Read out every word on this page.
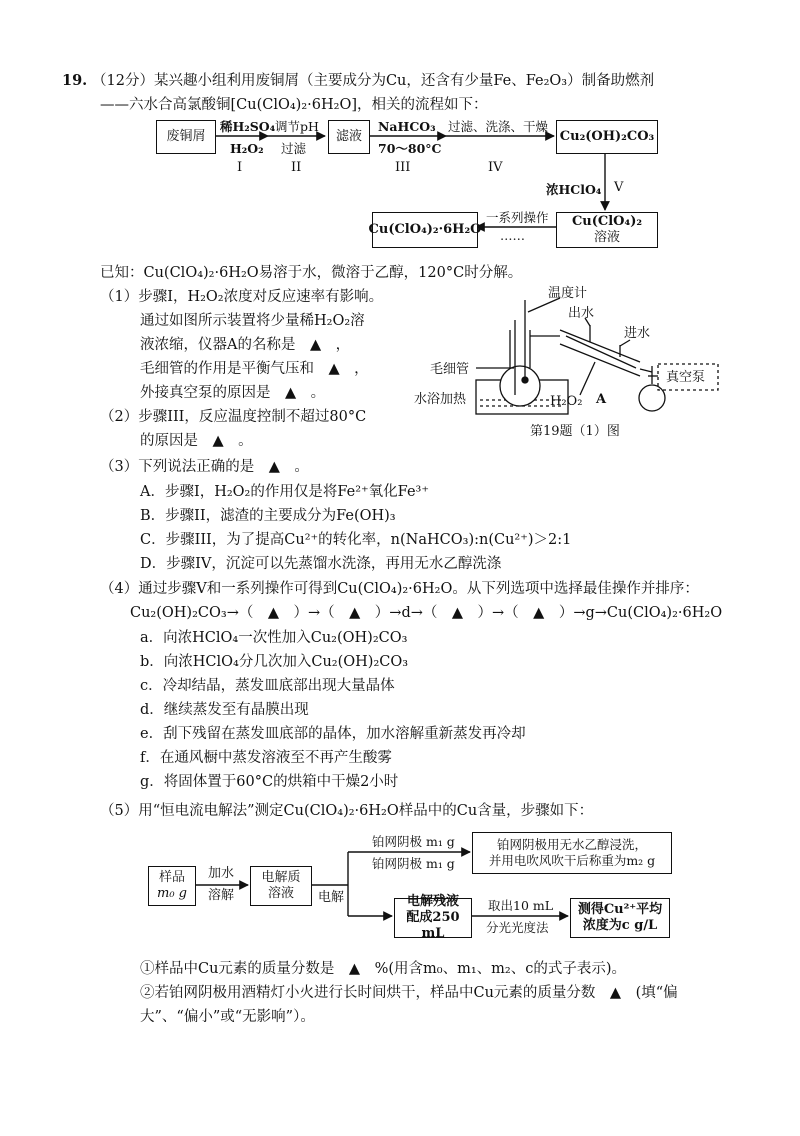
19. （12分）某兴趣小组利用废铜屑（主要成分为Cu，还含有少量Fe、Fe₂O₃）制备助燃剂
——六水合高氯酸铜[Cu(ClO₄)₂·6H₂O]，相关的流程如下：
废铜屑
稀H₂SO₄
H₂O₂
I
调节pH
过滤
II
滤液
NaHCO₃
70～80°C
III
过滤、洗涤、干燥
IV
Cu₂(OH)₂CO₃
浓HClO₄ V
Cu(ClO₄)₂
溶液
一系列操作
……
Cu(ClO₄)₂·6H₂O
已知：Cu(ClO₄)₂·6H₂O易溶于水，微溶于乙醇，120°C时分解。
（1）步骤I，H₂O₂浓度对反应速率有影响。
通过如图所示装置将少量稀H₂O₂溶
液浓缩，仪器A的名称是　▲　，
毛细管的作用是平衡气压和　▲　，
外接真空泵的原因是　▲　。
温度计
出水
进水
毛细管
真空泵
水浴加热	H₂O₂ A
第19题（1）图
（2）步骤III，反应温度控制不超过80°C
的原因是　▲　。
（3）下列说法正确的是　▲　。
A．步骤I，H₂O₂的作用仅是将Fe²⁺氧化Fe³⁺
B．步骤II，滤渣的主要成分为Fe(OH)₃
C．步骤III，为了提高Cu²⁺的转化率，n(NaHCO₃):n(Cu²⁺)＞2:1
D．步骤IV，沉淀可以先蒸馏水洗涤，再用无水乙醇洗涤
（4）通过步骤V和一系列操作可得到Cu(ClO₄)₂·6H₂O。从下列选项中选择最佳操作并排序：
Cu₂(OH)₂CO₃→（　▲　）→（　▲　）→d→（　▲　）→（　▲　）→g→Cu(ClO₄)₂·6H₂O
a．向浓HClO₄一次性加入Cu₂(OH)₂CO₃
b．向浓HClO₄分几次加入Cu₂(OH)₂CO₃
c．冷却结晶，蒸发皿底部出现大量晶体
d．继续蒸发至有晶膜出现
e．刮下残留在蒸发皿底部的晶体，加水溶解重新蒸发再冷却
f．在通风橱中蒸发溶液至不再产生酸雾
g．将固体置于60°C的烘箱中干燥2小时
（5）用“恒电流电解法”测定Cu(ClO₄)₂·6H₂O样品中的Cu含量，步骤如下：
样品
m₀ g
加水
溶解
电解质
溶液 电解
铂网阴极 m₁ g
铂网阴极 m₁ g
铂网阴极用无水乙醇浸洗，
并用电吹风吹干后称重为m₂ g
电解残液
配成250 mL
取出10 mL
分光光度法
测得Cu²⁺平均
浓度为c g/L
①样品中Cu元素的质量分数是　▲　%(用含m₀、m₁、m₂、c的式子表示)。
②若铂网阴极用酒精灯小火进行长时间烘干，样品中Cu元素的质量分数　▲　(填“偏
大”、“偏小”或“无影响”）。
